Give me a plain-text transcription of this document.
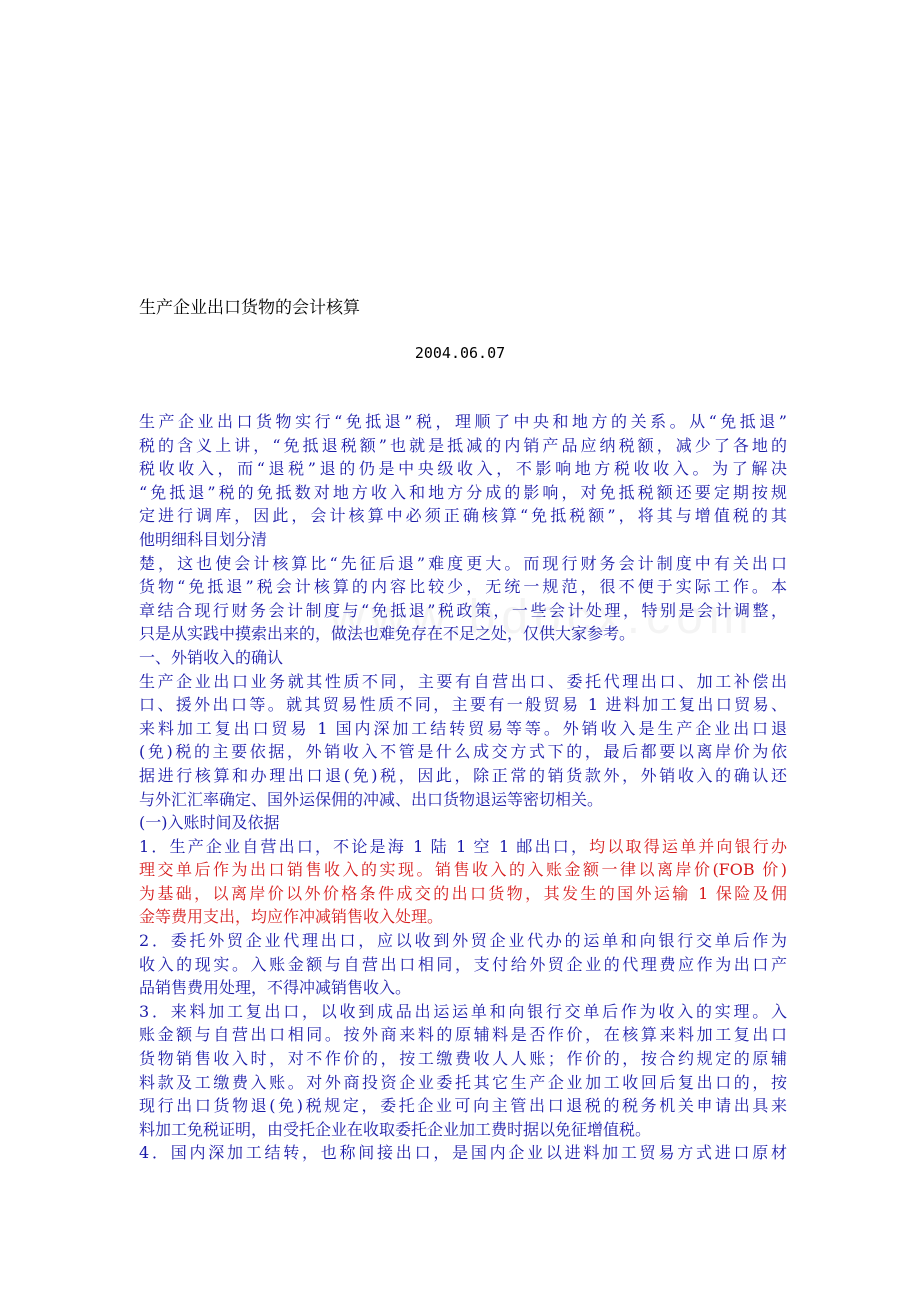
生产企业出口货物的会计核算
2004.06.07
生产企业出口货物实行“免抵退”税，理顺了中央和地方的关系。从“免抵退”
税的含义上讲，“免抵退税额”也就是抵减的内销产品应纳税额，减少了各地的
税收收入，而“退税”退的仍是中央级收入，不影响地方税收收入。为了解决
“免抵退”税的免抵数对地方收入和地方分成的影响，对免抵税额还要定期按规
定进行调库，因此，会计核算中必须正确核算“免抵税额”，将其与增值税的其
他明细科目划分清
楚，这也使会计核算比“先征后退”难度更大。而现行财务会计制度中有关出口
货物“免抵退”税会计核算的内容比较少，无统一规范，很不便于实际工作。本
章结合现行财务会计制度与“免抵退”税政策，一些会计处理，特别是会计调整，
只是从实践中摸索出来的，做法也难免存在不足之处，仅供大家参考。
一、外销收入的确认
生产企业出口业务就其性质不同，主要有自营出口、委托代理出口、加工补偿出
口、援外出口等。就其贸易性质不同，主要有一般贸易 1 进料加工复出口贸易、
来料加工复出口贸易 1 国内深加工结转贸易等等。外销收入是生产企业出口退
(免)税的主要依据，外销收入不管是什么成交方式下的，最后都要以离岸价为依
据进行核算和办理出口退(免)税，因此，除正常的销货款外，外销收入的确认还
与外汇汇率确定、国外运保佣的冲减、出口货物退运等密切相关。
(一)入账时间及依据
1．生产企业自营出口，不论是海 1 陆 1 空 1 邮出口，均以取得运单并向银行办
理交单后作为出口销售收入的实现。销售收入的入账金额一律以离岸价(FOB 价)
为基础，以离岸价以外价格条件成交的出口货物，其发生的国外运输 1 保险及佣
金等费用支出，均应作冲减销售收入处理。
2．委托外贸企业代理出口，应以收到外贸企业代办的运单和向银行交单后作为
收入的现实。入账金额与自营出口相同，支付给外贸企业的代理费应作为出口产
品销售费用处理，不得冲减销售收入。
3．来料加工复出口，以收到成品出运运单和向银行交单后作为收入的实理。入
账金额与自营出口相同。按外商来料的原辅料是否作价，在核算来料加工复出口
货物销售收入时，对不作价的，按工缴费收人人账；作价的，按合约规定的原辅
料款及工缴费入账。对外商投资企业委托其它生产企业加工收回后复出口的，按
现行出口货物退(免)税规定，委托企业可向主管出口退税的税务机关申请出具来
料加工免税证明，由受托企业在收取委托企业加工费时据以免征增值税。
4．国内深加工结转，也称间接出口，是国内企业以进料加工贸易方式进口原材
